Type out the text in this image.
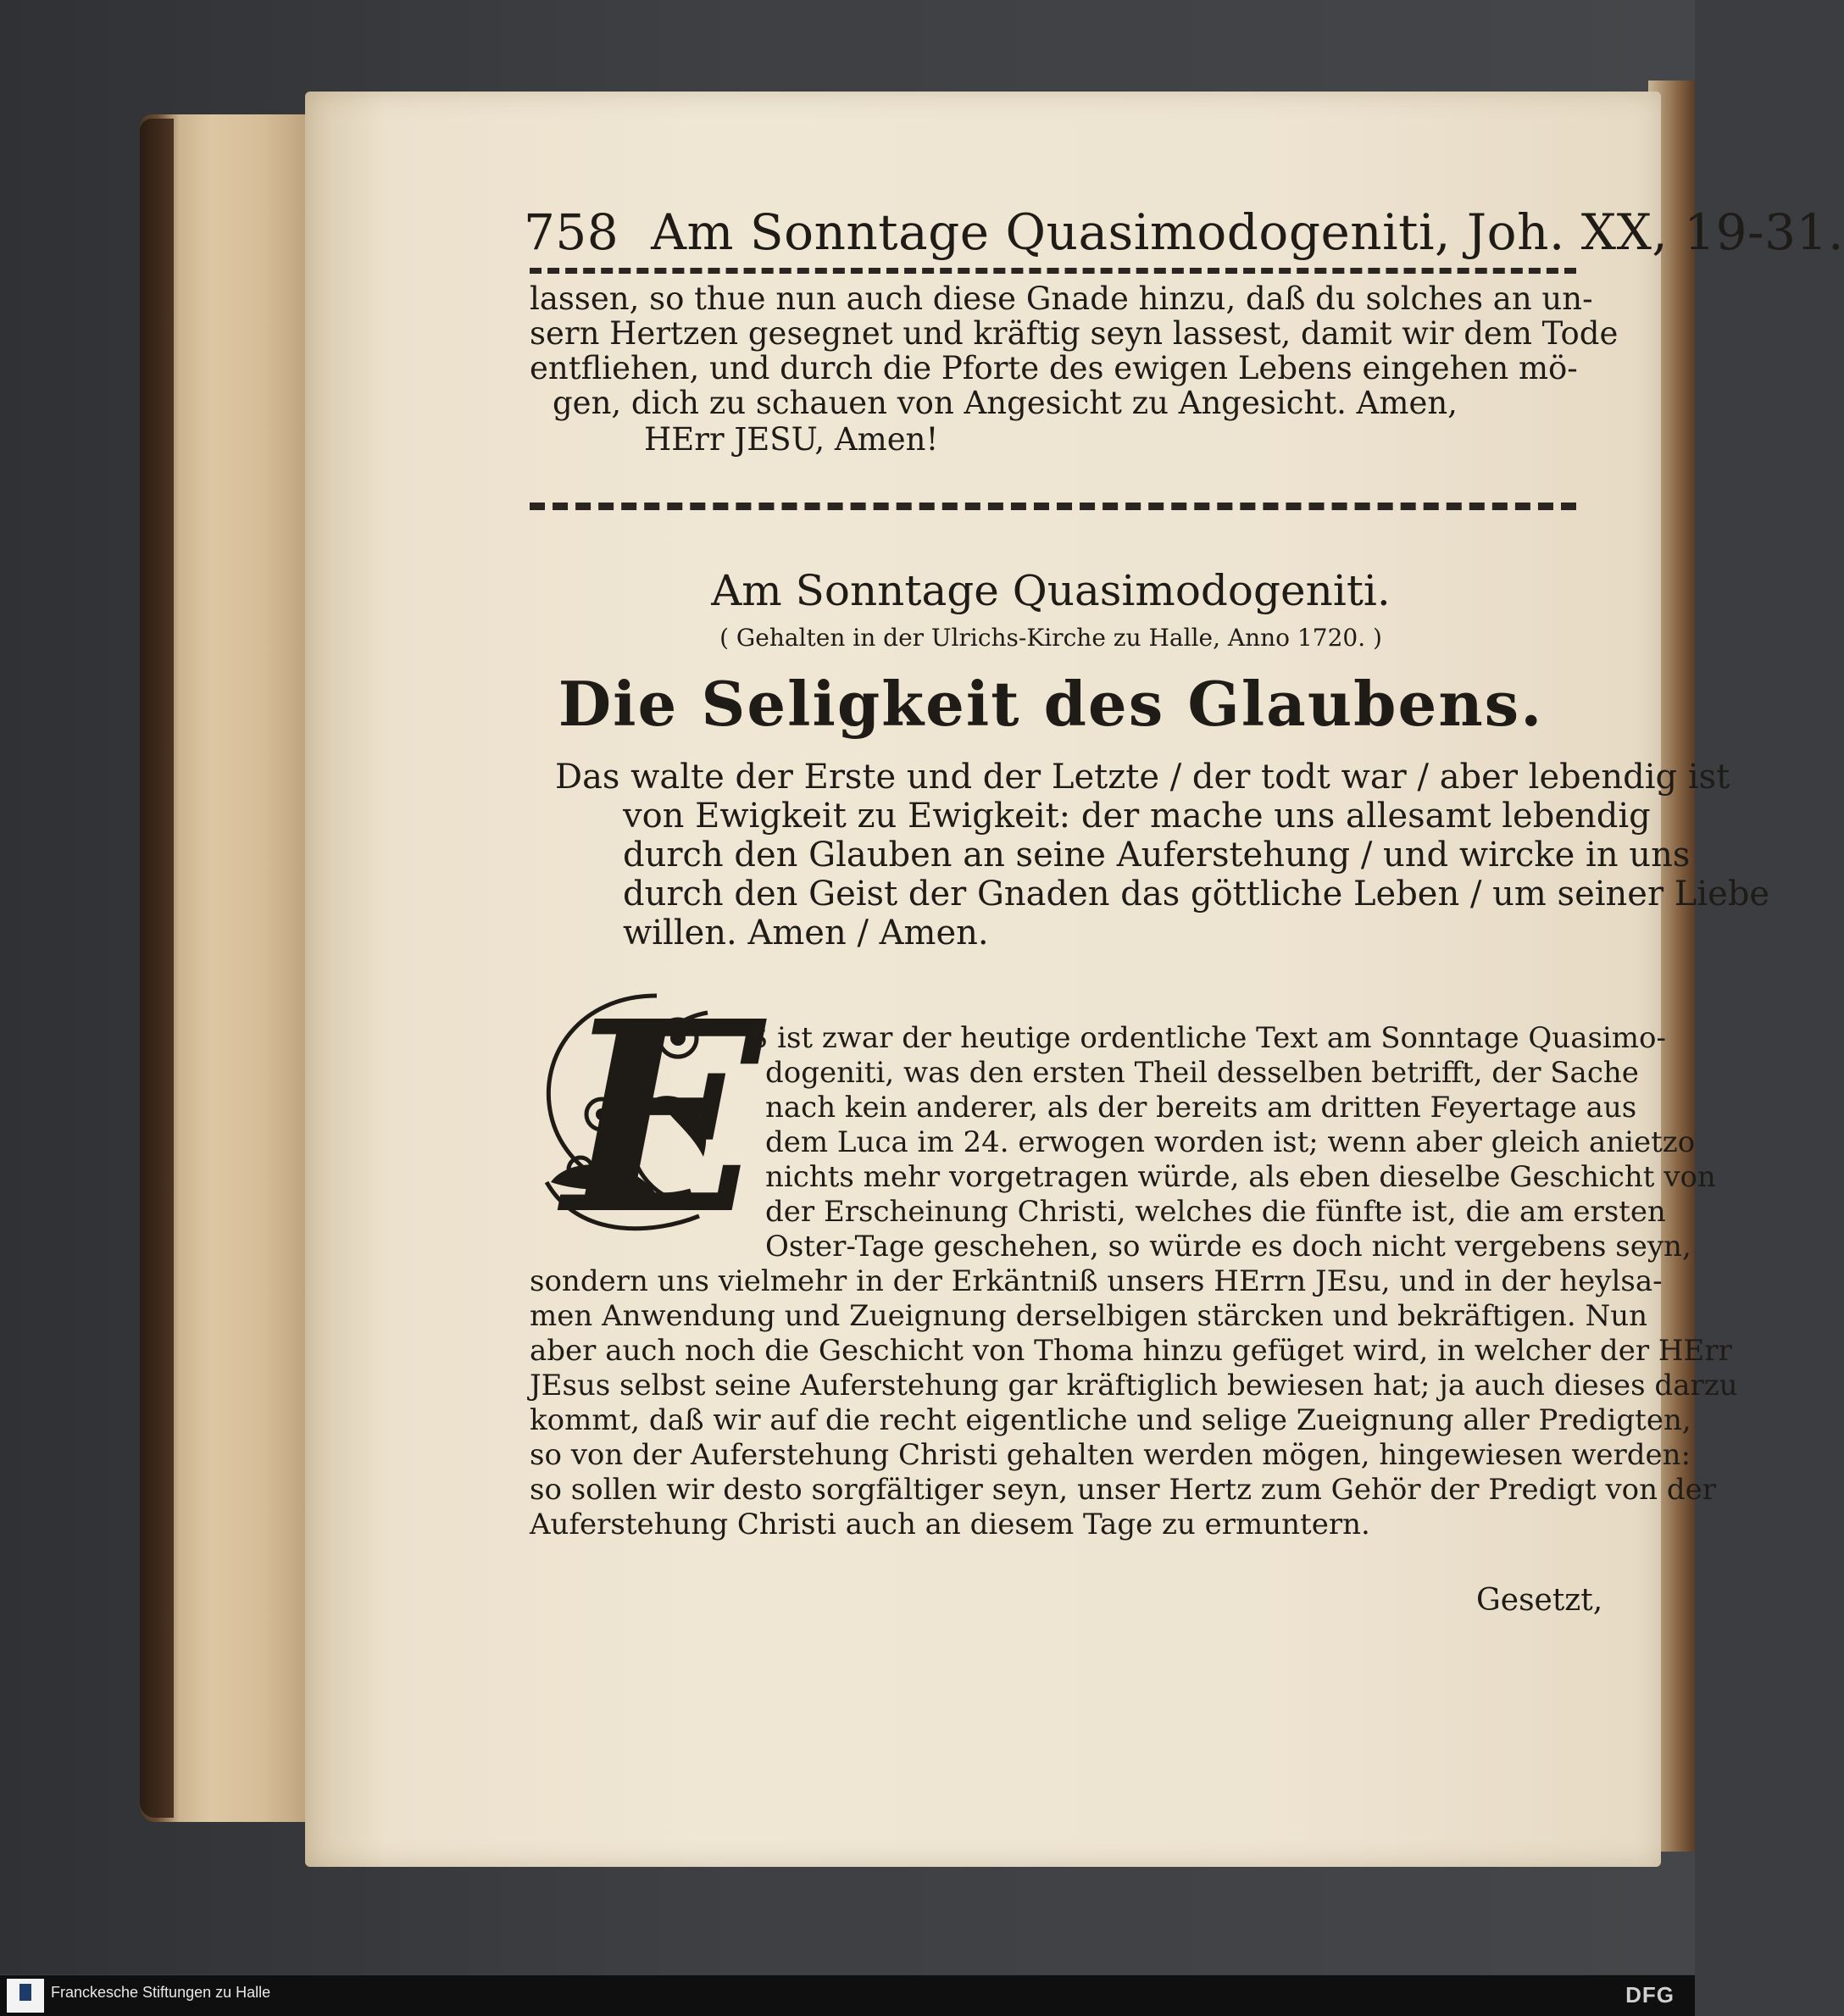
758 Am Sonntage Quasimodogeniti, Joh. XX, 19-31.
lassen, so thue nun auch diese Gnade hinzu, daß du solches an un-
sern Hertzen gesegnet und kräftig seyn lassest, damit wir dem Tode
entfliehen, und durch die Pforte des ewigen Lebens eingehen mö-
gen, dich zu schauen von Angesicht zu Angesicht. Amen,
HErr JESU, Amen!
Am Sonntage Quasimodogeniti.
( Gehalten in der Ulrichs-Kirche zu Halle, Anno 1720. )
Die Seligkeit des Glaubens.
Das walte der Erste und der Letzte / der todt war / aber lebendig ist
von Ewigkeit zu Ewigkeit: der mache uns allesamt lebendig
durch den Glauben an seine Auferstehung / und wircke in uns
durch den Geist der Gnaden das göttliche Leben / um seiner Liebe
willen. Amen / Amen.
E
S ist zwar der heutige ordentliche Text am Sonntage Quasimo-
dogeniti, was den ersten Theil desselben betrifft, der Sache
nach kein anderer, als der bereits am dritten Feyertage aus
dem Luca im 24. erwogen worden ist; wenn aber gleich anietzo
nichts mehr vorgetragen würde, als eben dieselbe Geschicht von
der Erscheinung Christi, welches die fünfte ist, die am ersten
Oster-Tage geschehen, so würde es doch nicht vergebens seyn,
sondern uns vielmehr in der Erkäntniß unsers HErrn JEsu, und in der heylsa-
men Anwendung und Zueignung derselbigen stärcken und bekräftigen. Nun
aber auch noch die Geschicht von Thoma hinzu gefüget wird, in welcher der HErr
JEsus selbst seine Auferstehung gar kräftiglich bewiesen hat; ja auch dieses darzu
kommt, daß wir auf die recht eigentliche und selige Zueignung aller Predigten,
so von der Auferstehung Christi gehalten werden mögen, hingewiesen werden:
so sollen wir desto sorgfältiger seyn, unser Hertz zum Gehör der Predigt von der
Auferstehung Christi auch an diesem Tage zu ermuntern.
Gesetzt,
Franckesche Stiftungen zu Halle	DFG
